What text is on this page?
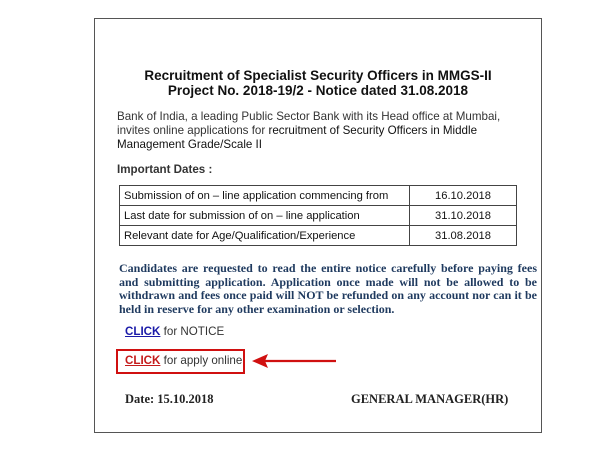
Recruitment of Specialist Security Officers in MMGS-II
Project No. 2018-19/2 - Notice dated 31.08.2018
Bank of India, a leading Public Sector Bank with its Head office at Mumbai, invites online applications for recruitment of Security Officers in Middle Management Grade/Scale II
Important Dates :
Submission of on – line application commencing from	16.10.2018
Last date for submission of on – line application	31.10.2018
Relevant date for Age/Qualification/Experience	31.08.2018
Candidates are requested to read the entire notice carefully before paying fees and submitting application. Application once made will not be allowed to be withdrawn and fees once paid will NOT be refunded on any account nor can it be held in reserve for any other examination or selection.
CLICK for NOTICE
CLICK for apply online
Date: 15.10.2018	GENERAL MANAGER(HR)
